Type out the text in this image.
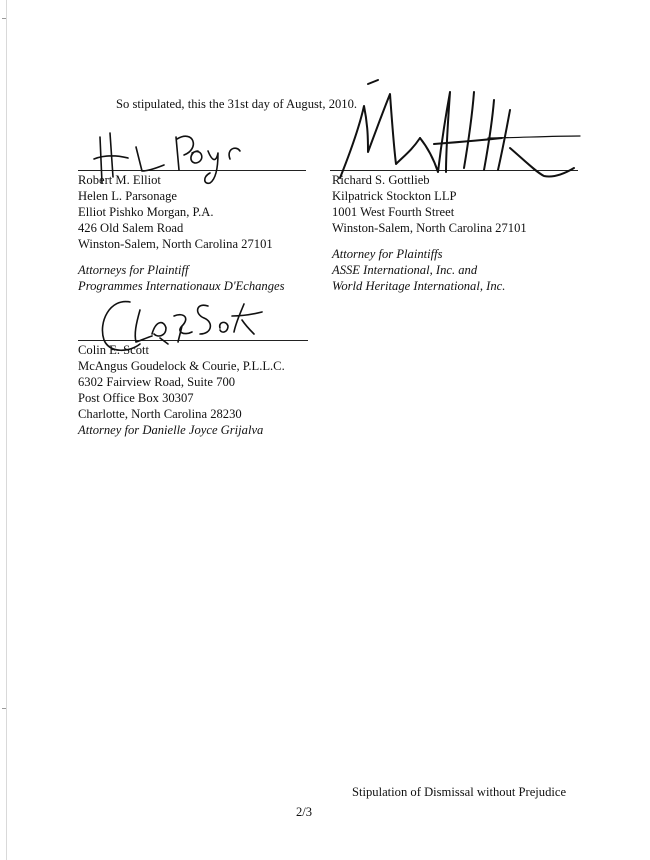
So stipulated, this the 31st day of August, 2010.
Robert M. Elliot
Helen L. Parsonage
Elliot Pishko Morgan, P.A.
426 Old Salem Road
Winston-Salem, North Carolina 27101
Attorneys for Plaintiff
Programmes Internationaux D'Echanges
Richard S. Gottlieb
Kilpatrick Stockton LLP
1001 West Fourth Street
Winston-Salem, North Carolina 27101
Attorney for Plaintiffs
ASSE International, Inc. and
World Heritage International, Inc.
Colin E. Scott
McAngus Goudelock & Courie, P.L.L.C.
6302 Fairview Road, Suite 700
Post Office Box 30307
Charlotte, North Carolina 28230
Attorney for Danielle Joyce Grijalva
Stipulation of Dismissal without Prejudice
2/3
